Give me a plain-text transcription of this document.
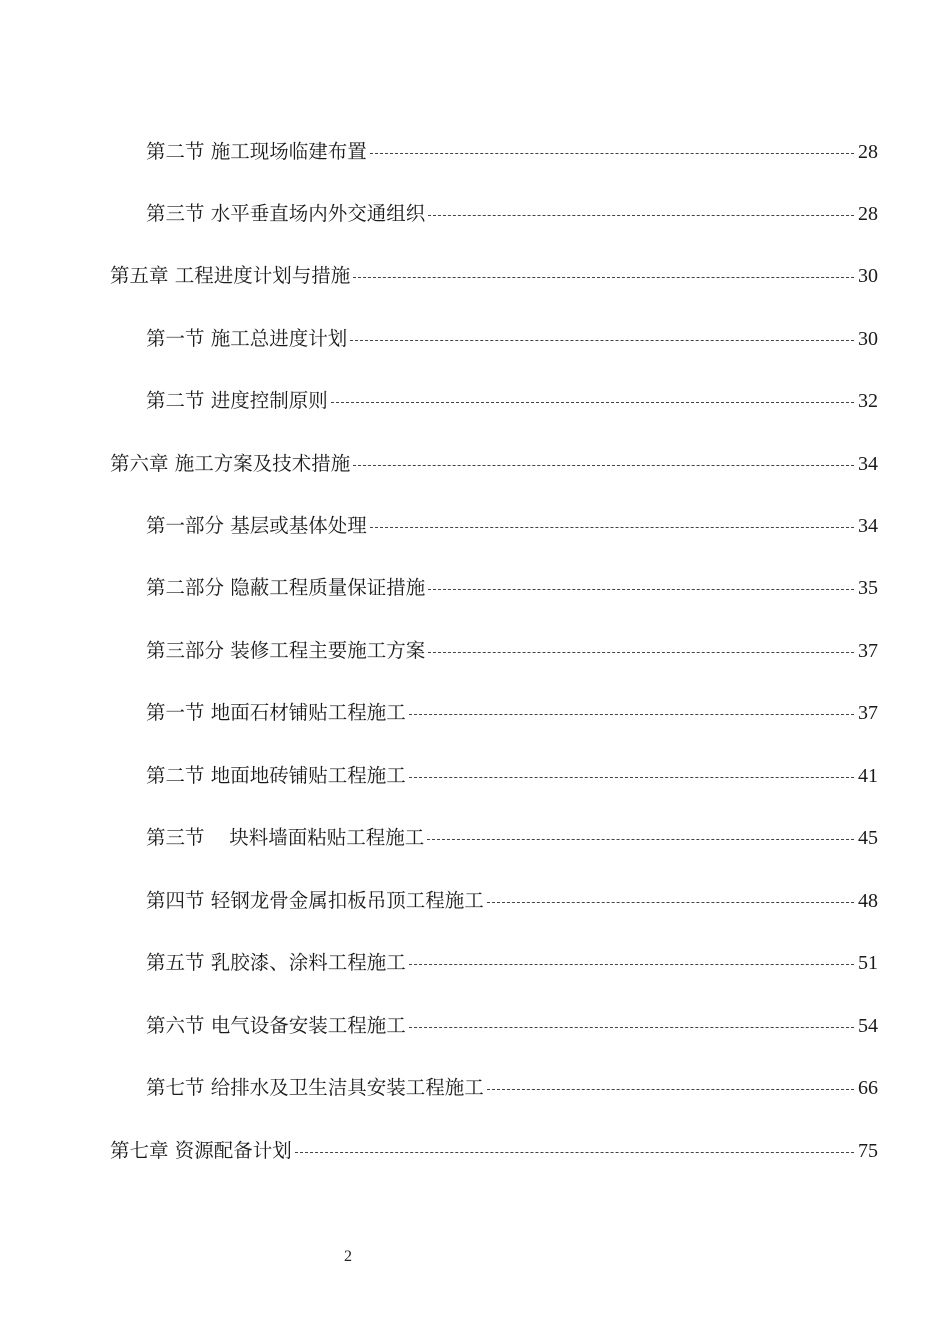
第二节 施工现场临建布置	28
第三节 水平垂直场内外交通组织	28
第五章 工程进度计划与措施	30
第一节 施工总进度计划	30
第二节 进度控制原则	32
第六章 施工方案及技术措施	34
第一部分 基层或基体处理	34
第二部分 隐蔽工程质量保证措施	35
第三部分 装修工程主要施工方案	37
第一节 地面石材铺贴工程施工	37
第二节 地面地砖铺贴工程施工	41
第三节    块料墙面粘贴工程施工	45
第四节 轻钢龙骨金属扣板吊顶工程施工	48
第五节 乳胶漆、涂料工程施工	51
第六节 电气设备安装工程施工	54
第七节 给排水及卫生洁具安装工程施工	66
第七章 资源配备计划	75
2
